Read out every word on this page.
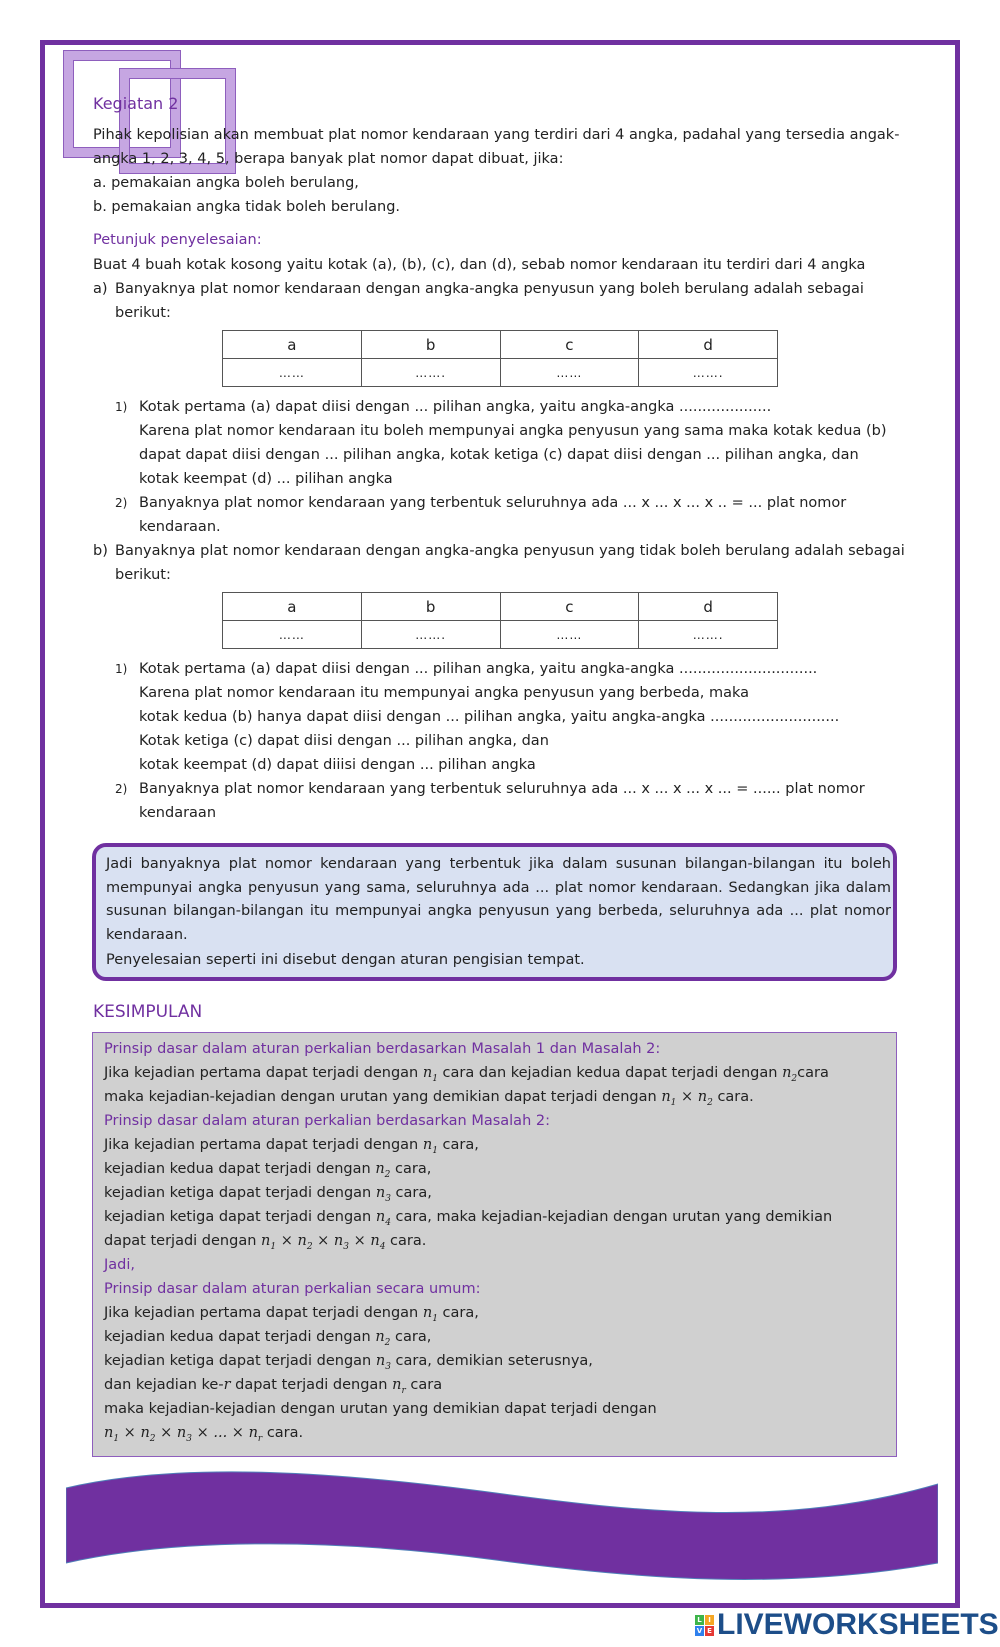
Kegiatan 2
Pihak kepolisian akan membuat plat nomor kendaraan yang terdiri dari 4 angka, padahal yang tersedia angak-
angka 1, 2, 3, 4, 5, berapa banyak plat nomor dapat dibuat, jika:
a. pemakaian angka boleh berulang,
b. pemakaian angka tidak boleh berulang.
Petunjuk penyelesaian:
Buat 4 buah kotak kosong yaitu kotak (a), (b), (c), dan (d), sebab nomor kendaraan itu terdiri dari 4 angka
a) Banyaknya plat nomor kendaraan dengan angka-angka penyusun yang boleh berulang adalah sebagai
berikut:
a	b	c	d
……	…….	……	…….
1) Kotak pertama (a) dapat diisi dengan ... pilihan angka, yaitu angka-angka ....................
Karena plat nomor kendaraan itu boleh mempunyai angka penyusun yang sama maka kotak kedua (b)
dapat dapat diisi dengan ... pilihan angka, kotak ketiga (c) dapat diisi dengan ... pilihan angka, dan
kotak keempat (d) ... pilihan angka
2) Banyaknya plat nomor kendaraan yang terbentuk seluruhnya ada ... x ... x ... x .. = ... plat nomor
kendaraan.
b) Banyaknya plat nomor kendaraan dengan angka-angka penyusun yang tidak boleh berulang adalah sebagai
berikut:
a	b	c	d
……	…….	……	…….
1) Kotak pertama (a) dapat diisi dengan ... pilihan angka, yaitu angka-angka ..............................
Karena plat nomor kendaraan itu mempunyai angka penyusun yang berbeda, maka
kotak kedua (b) hanya dapat diisi dengan ... pilihan angka, yaitu angka-angka ............................
Kotak ketiga (c) dapat diisi dengan ... pilihan angka, dan
kotak keempat (d) dapat diiisi dengan ... pilihan angka
2) Banyaknya plat nomor kendaraan yang terbentuk seluruhnya ada ... x ... x ... x ... = ...... plat nomor
kendaraan
Jadi banyaknya plat nomor kendaraan yang terbentuk jika dalam susunan bilangan-bilangan itu boleh mempunyai angka penyusun yang sama, seluruhnya ada ... plat nomor kendaraan. Sedangkan jika dalam susunan bilangan-bilangan itu mempunyai angka penyusun yang berbeda, seluruhnya ada ... plat nomor kendaraan.
Penyelesaian seperti ini disebut dengan aturan pengisian tempat.
KESIMPULAN
Prinsip dasar dalam aturan perkalian berdasarkan Masalah 1 dan Masalah 2:
Jika kejadian pertama dapat terjadi dengan $n_1$ cara dan kejadian kedua dapat terjadi dengan $n_2cara$
maka kejadian-kejadian dengan urutan yang demikian dapat terjadi dengan $n_1 \times n_2$ cara.
Prinsip dasar dalam aturan perkalian berdasarkan Masalah 2:
Jika kejadian pertama dapat terjadi dengan $n_1$ cara,
kejadian kedua dapat terjadi dengan $n_2$ cara,
kejadian ketiga dapat terjadi dengan $n_3$ cara,
kejadian ketiga dapat terjadi dengan $n_4$ cara, maka kejadian-kejadian dengan urutan yang demikian
dapat terjadi dengan $n_1 \times n_2 \times n_3 \times n_4$ cara.
Jadi,
Prinsip dasar dalam aturan perkalian secara umum:
Jika kejadian pertama dapat terjadi dengan $n_1$ cara,
kejadian kedua dapat terjadi dengan $n_2$ cara,
kejadian ketiga dapat terjadi dengan $n_3$ cara, demikian seterusnya,
dan kejadian ke-r dapat terjadi dengan $n_r$ cara
maka kejadian-kejadian dengan urutan yang demikian dapat terjadi dengan
$n_1 \times n_2 \times n_3$ × ... × $n_r$ cara.
L I
V E LIVEWORKSHEETS
